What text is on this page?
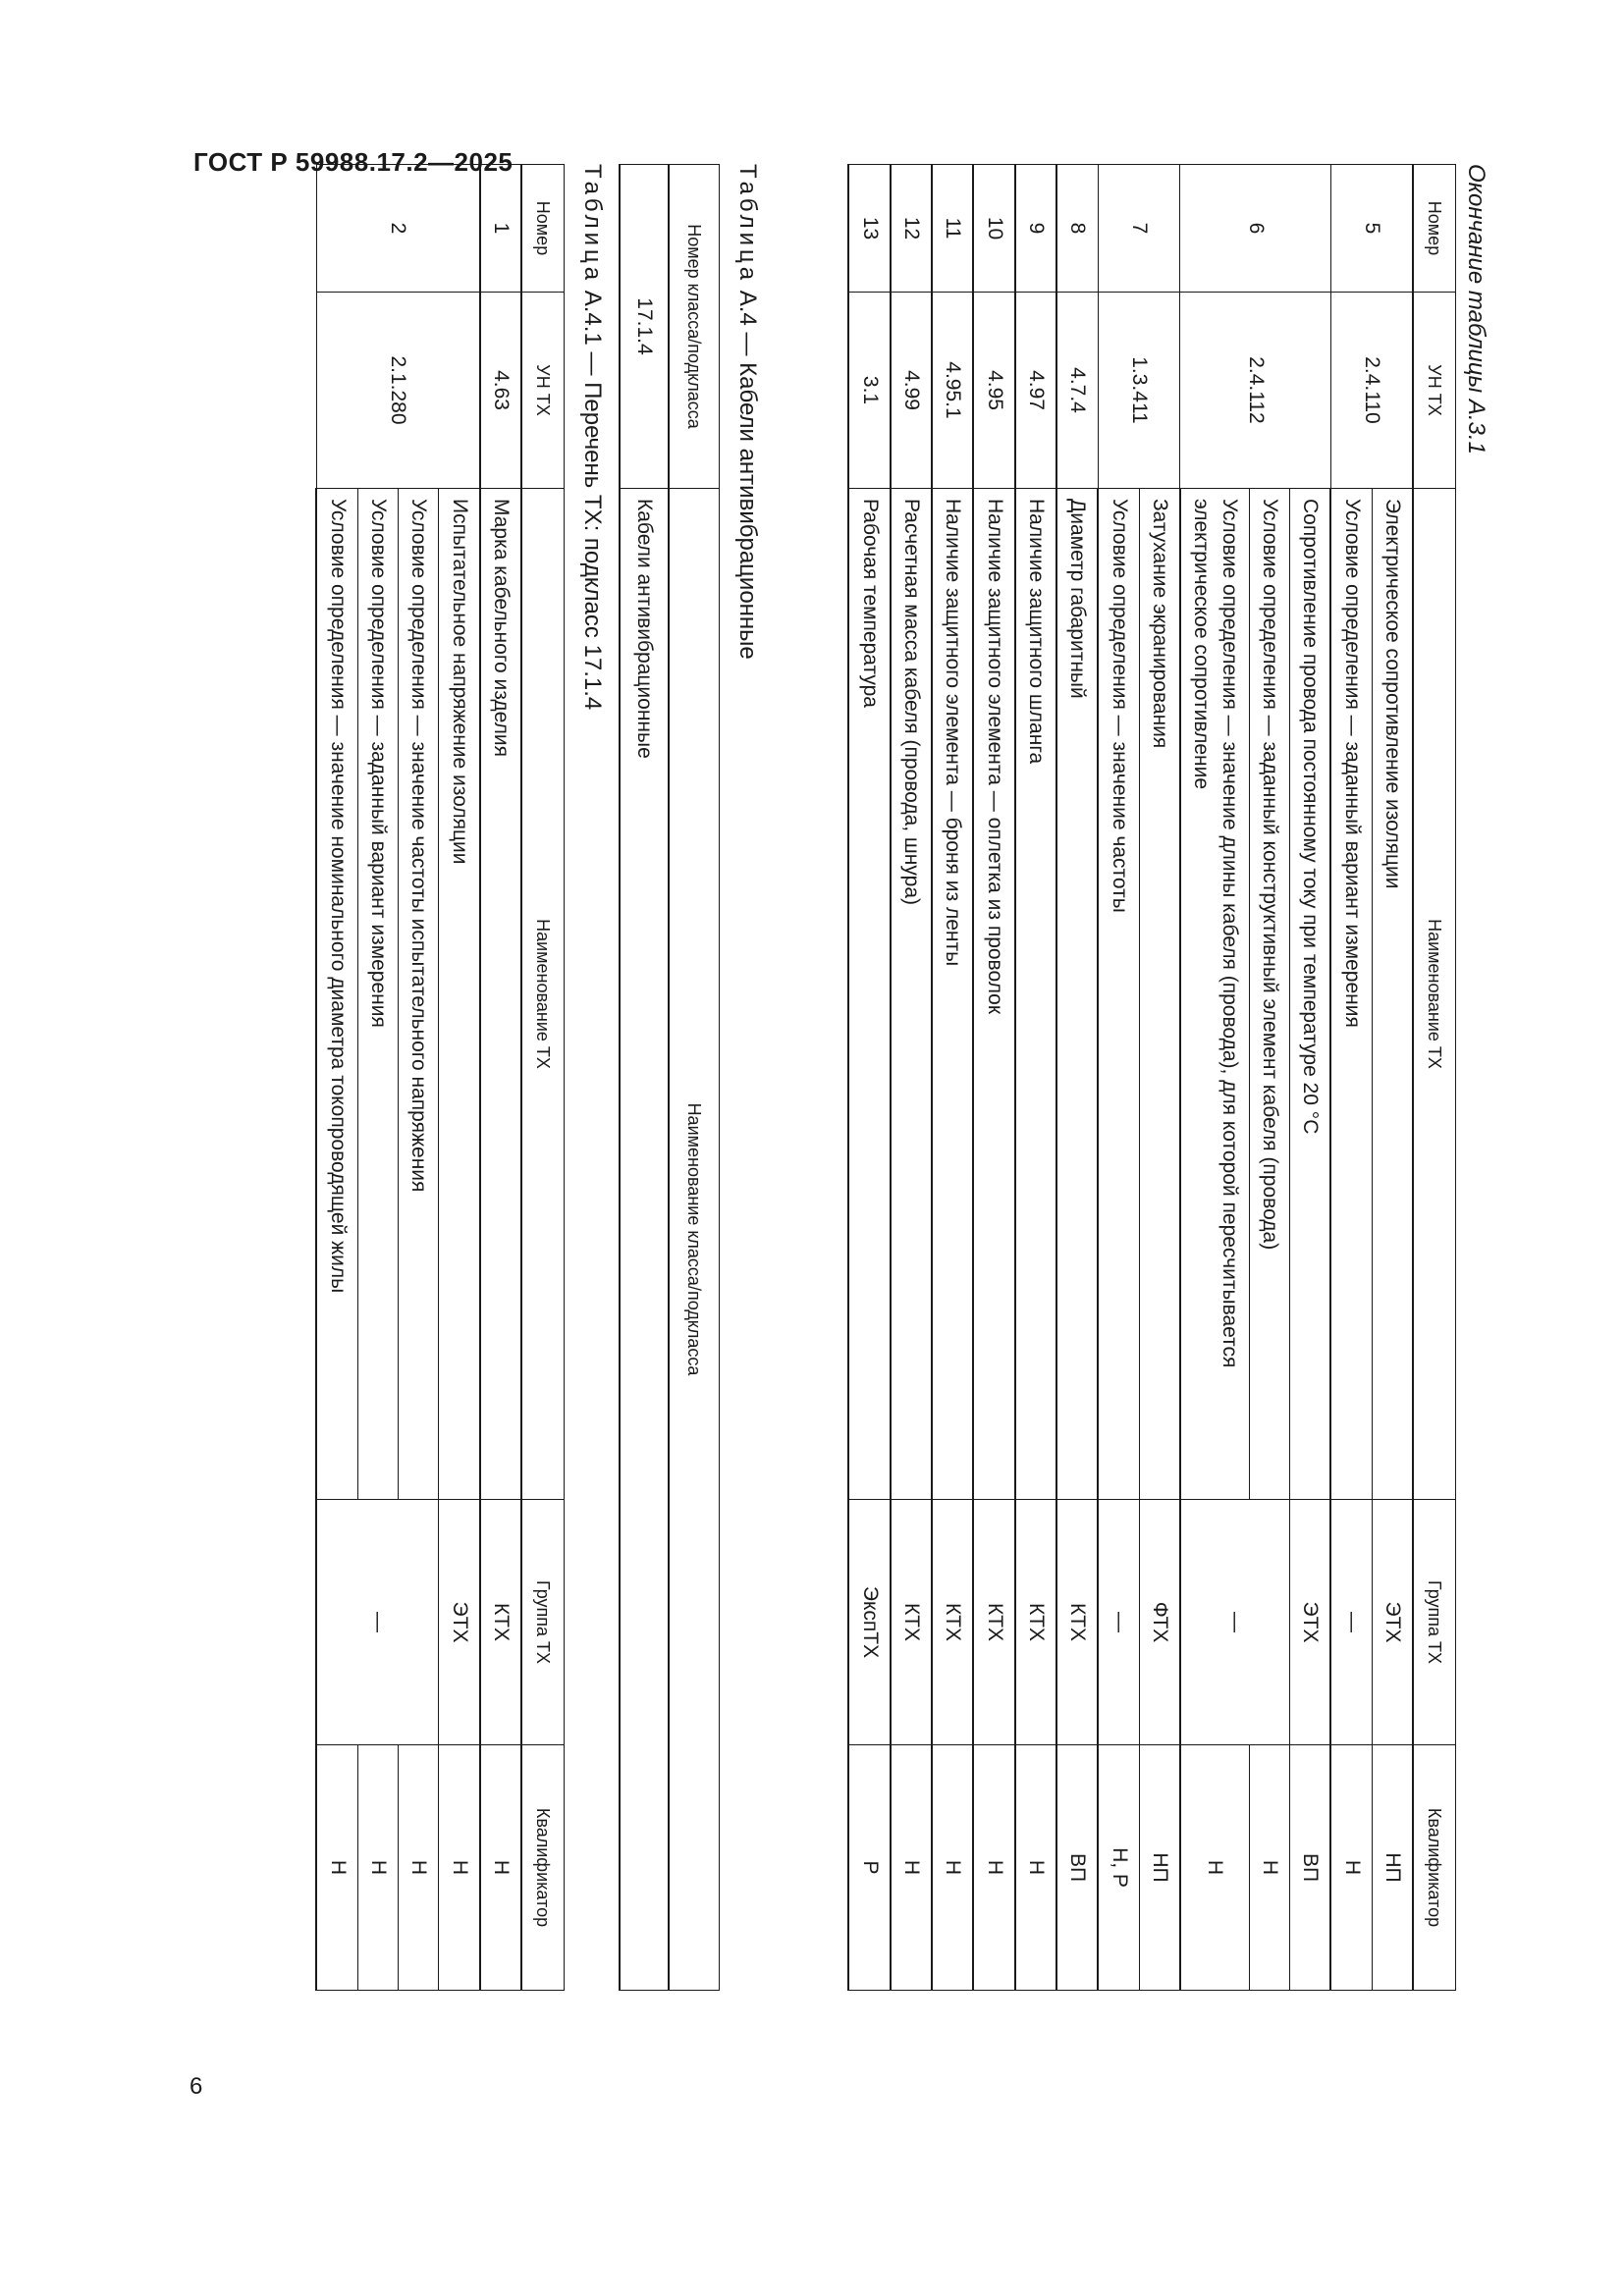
ГОСТ Р 59988.17.2—2025
6
Окончание таблицы А.3.1
Номер	УН ТХ	Наименование ТХ	Группа ТХ	Квалификатор
5	2.4.110	Электрическое сопротивление изоляции	ЭТХ	НП
		Условие определения — заданный вариант измерения	—	Н
6	2.4.112	Сопротивление провода постоянному току при температуре 20 °С	ЭТХ	ВП
		Условие определения — заданный конструктивный элемент кабеля (провода)	—	Н
		Условие определения — значение длины кабеля (провода), для которой пересчитывается электрическое сопротивление		Н
7	1.3.411	Затухание экранирования	ФТХ	НП
		Условие определения — значение частоты	—	Н, Р
8	4.7.4	Диаметр габаритный	КТХ	ВП
9	4.97	Наличие защитного шланга	КТХ	Н
10	4.95	Наличие защитного элемента — оплетка из проволок	КТХ	Н
11	4.95.1	Наличие защитного элемента — броня из ленты	КТХ	Н
12	4.99	Расчетная масса кабеля (провода, шнура)	КТХ	Н
13	3.1	Рабочая температура	ЭкспТХ	Р
Таблица А.4 — Кабели антивибрационные
Номер класса/подкласса	Наименование класса/подкласса
17.1.4	Кабели антивибрационные
Таблица А.4.1 — Перечень ТХ: подкласс 17.1.4
Номер	УН ТХ	Наименование ТХ	Группа ТХ	Квалификатор
1	4.63	Марка кабельного изделия	КТХ	Н
2	2.1.280	Испытательное напряжение изоляции	ЭТХ	Н
		Условие определения — значение частоты испытательного напряжения	—	Н
		Условие определения — заданный вариант измерения		Н
		Условие определения — значение номинального диаметра токопроводящей жилы		Н
